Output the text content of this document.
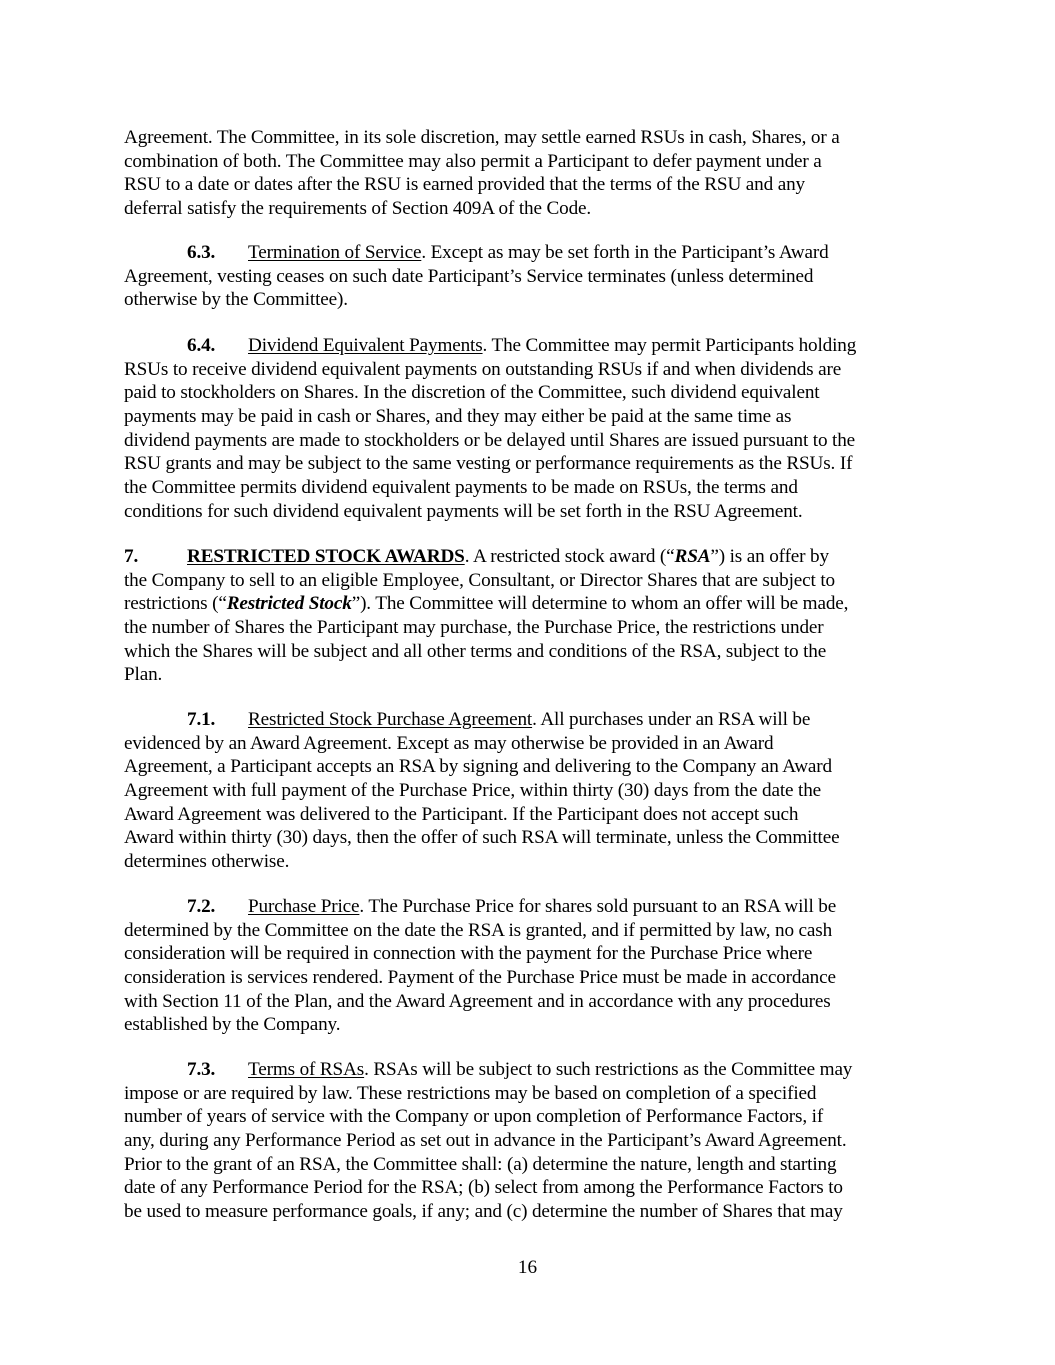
Agreement. The Committee, in its sole discretion, may settle earned RSUs in cash, Shares, or a
combination of both. The Committee may also permit a Participant to defer payment under a
RSU to a date or dates after the RSU is earned provided that the terms of the RSU and any
deferral satisfy the requirements of Section 409A of the Code.
6.3. Termination of Service. Except as may be set forth in the Participant’s Award
Agreement, vesting ceases on such date Participant’s Service terminates (unless determined
otherwise by the Committee).
6.4. Dividend Equivalent Payments. The Committee may permit Participants holding
RSUs to receive dividend equivalent payments on outstanding RSUs if and when dividends are
paid to stockholders on Shares. In the discretion of the Committee, such dividend equivalent
payments may be paid in cash or Shares, and they may either be paid at the same time as
dividend payments are made to stockholders or be delayed until Shares are issued pursuant to the
RSU grants and may be subject to the same vesting or performance requirements as the RSUs. If
the Committee permits dividend equivalent payments to be made on RSUs, the terms and
conditions for such dividend equivalent payments will be set forth in the RSU Agreement.
7.	RESTRICTED STOCK AWARDS. A restricted stock award (“RSA”) is an offer by
the Company to sell to an eligible Employee, Consultant, or Director Shares that are subject to
restrictions (“Restricted Stock”). The Committee will determine to whom an offer will be made,
the number of Shares the Participant may purchase, the Purchase Price, the restrictions under
which the Shares will be subject and all other terms and conditions of the RSA, subject to the
Plan.
7.1. Restricted Stock Purchase Agreement. All purchases under an RSA will be
evidenced by an Award Agreement. Except as may otherwise be provided in an Award
Agreement, a Participant accepts an RSA by signing and delivering to the Company an Award
Agreement with full payment of the Purchase Price, within thirty (30) days from the date the
Award Agreement was delivered to the Participant. If the Participant does not accept such
Award within thirty (30) days, then the offer of such RSA will terminate, unless the Committee
determines otherwise.
7.2. Purchase Price. The Purchase Price for shares sold pursuant to an RSA will be
determined by the Committee on the date the RSA is granted, and if permitted by law, no cash
consideration will be required in connection with the payment for the Purchase Price where
consideration is services rendered. Payment of the Purchase Price must be made in accordance
with Section 11 of the Plan, and the Award Agreement and in accordance with any procedures
established by the Company.
7.3. Terms of RSAs. RSAs will be subject to such restrictions as the Committee may
impose or are required by law. These restrictions may be based on completion of a specified
number of years of service with the Company or upon completion of Performance Factors, if
any, during any Performance Period as set out in advance in the Participant’s Award Agreement.
Prior to the grant of an RSA, the Committee shall: (a) determine the nature, length and starting
date of any Performance Period for the RSA; (b) select from among the Performance Factors to
be used to measure performance goals, if any; and (c) determine the number of Shares that may
16
